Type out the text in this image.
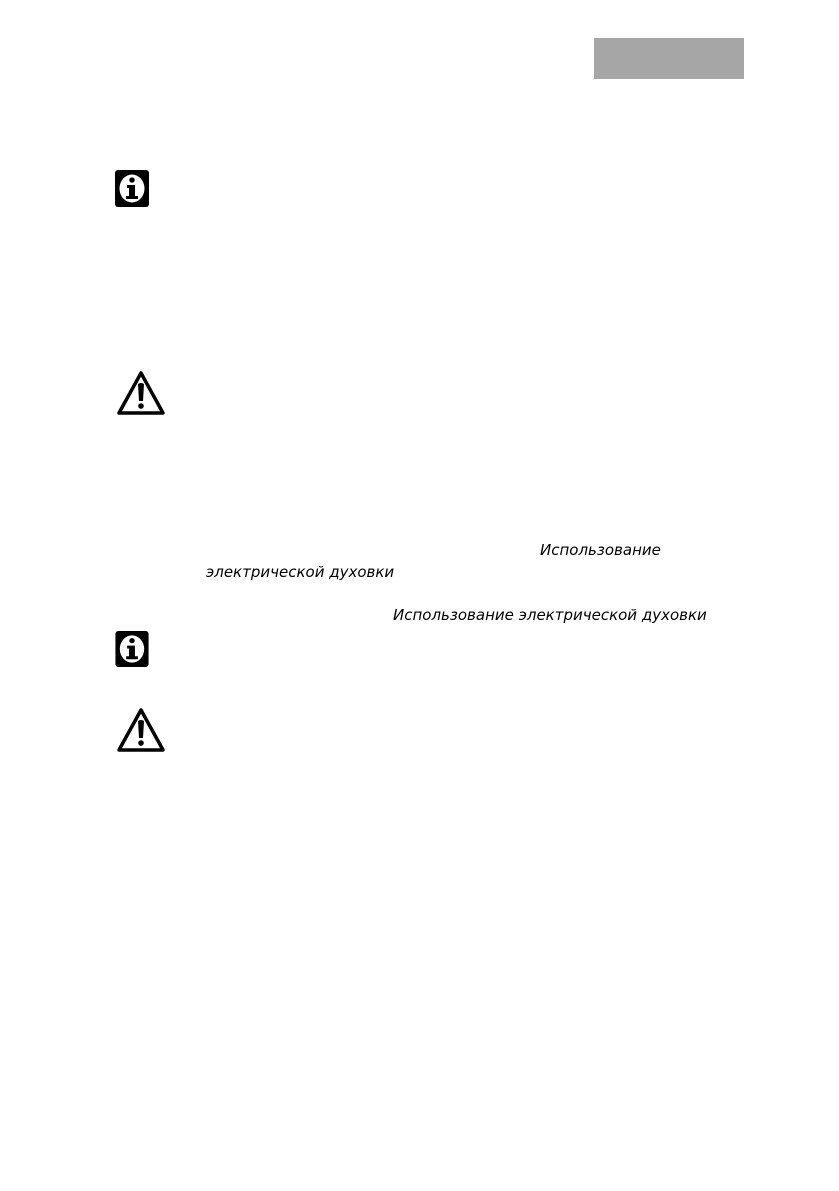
Использование
электрической духовки
Использование электрической духовки
